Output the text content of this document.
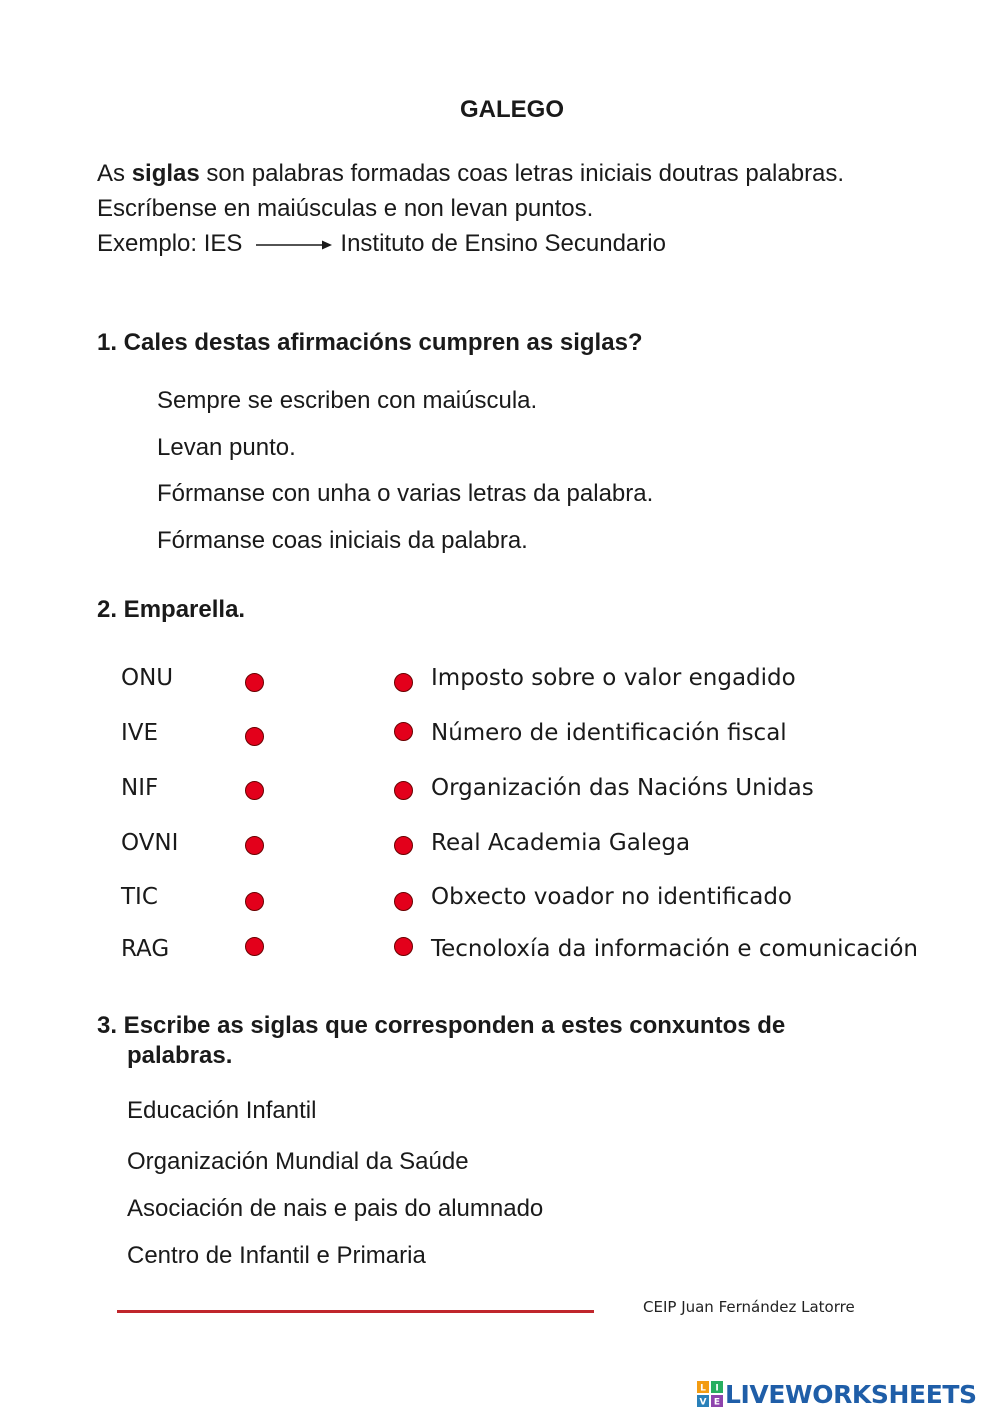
GALEGO

As siglas son palabras formadas coas letras iniciais doutras palabras.

Escríbense en maiúsculas e non levan puntos.

Exemplo: IES	Instituto de Ensino Secundario

1. Cales destas afirmacións cumpren as siglas?
Sempre se escriben con maiúscula.
Levan punto.
Fórmanse con unha o varias letras da palabra.
Fórmanse coas iniciais da palabra.
2. Emparella.
ONU	Imposto sobre o valor engadido
IVE	Número de identificación fiscal
NIF	Organización das Nacións Unidas
OVNI	Real Academia Galega
TIC	Obxecto voador no identificado
RAG	Tecnoloxía da información e comunicación
3. Escribe as siglas que corresponden a estes conxuntos de
palabras.
Educación Infantil
Organización Mundial da Saúde
Asociación de nais e pais do alumnado
Centro de Infantil e Primaria
CEIP Juan Fernández Latorre
L I
V E LIVEWORKSHEETS
